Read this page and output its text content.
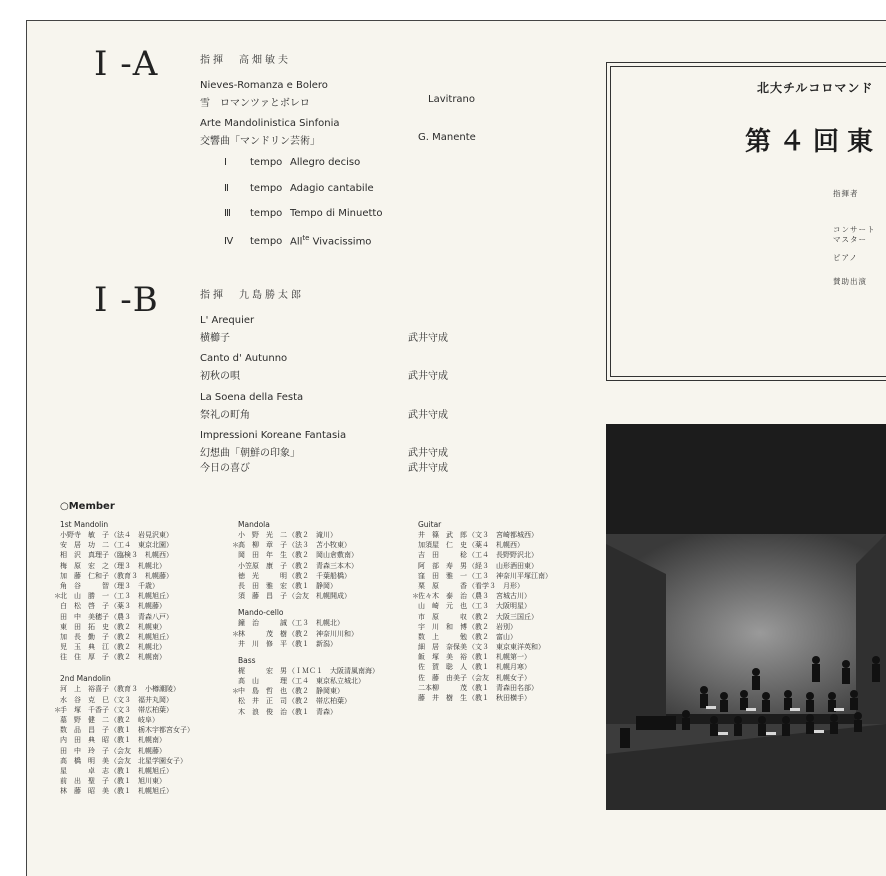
I -A	指揮　高畑敏夫
Nieves-Romanza e Bolero
雪　ロマンツァとボレロ	Lavitrano
Arte Mandolinistica Sinfonia
交響曲「マンドリン芸術」	G. Manente
Ⅰ tempo Allegro deciso
Ⅱ tempo Adagio cantabile
Ⅲ tempo Tempo di Minuetto
Ⅳ tempo All$^{te}$ Vivacissimo
I -B	指揮　九島勝太郎
L' Arequier
横櫛子	武井守成
Canto d' Autunno
初秋の唄	武井守成
La Soena della Festa
祭礼の町角	武井守成
Impressioni Koreane Fantasia
幻想曲「朝鮮の印象」	武井守成
今日の喜び	武井守成
○Member
1st Mandolin
小野寺　敏　子（法４　岩見沢東）
安　居　功　二（工４　東京北園）
相　沢　真理子（臨検３　札幌西）
梅　原　宏　之（理３　札幌北）
加　藤　仁和子（教育３　札幌藤）
角　谷　　　智（理３　千歳）
＊ 北　山　勝　一（工３　札幌旭丘）
白　松　啓　子（薬３　札幌藤）
田　中　美穂子（農３　青森八戸）
東　田　拓　史（教２　札幌東）
加　長　勤　子（教２　札幌旭丘）
児　玉　典　江（教２　札幌北）
往　住　厚　子（教２　札幌南）
2nd Mandolin
河　上　裕喜子（教育３　小樽潮陵）
水　谷　克　巳（文３　福井丸岡）
＊ 手　塚　千香子（文３　帯広柏葉）
墓　野　健　二（教２　岐阜）
数　品　昌　子（教１　栃木宇都宮女子）
内　田　典　昭（教１　札幌南）
田　中　玲　子（会友　札幌藤）
高　橋　明　美（会友　北星学園女子）
星　　　卓　志（教１　札幌旭丘）
前　出　聖　子（教１　旭川東）
林　藤　昭　美（教１　札幌旭丘）
Mandola
小　野　光　二（教２　滝川）
＊ 高　柳　章　子（法３　苫小牧東）
岡　田　年　生（教２　岡山倉敷南）
小笠原　康　子（教２　青森三本木）
徳　光　　　明（教２　千葉船橋）
長　田　雅　宏（教１　静岡）
須　藤　昌　子（会友　札幌開成）
Mando-cello
鐘　治　　　誠（工３　札幌北）
＊ 林　　　茂　樹（教２　神奈川川和）
井　川　修　平（教１　新潟）
Bass
梶　　　宏　男（ＩＭＣ１　大阪清風南海）
高　山　　　理（工４　東京私立城北）
＊ 中　島　哲　也（教２　静岡東）
松　井　正　司（教２　帯広柏葉）
木　浪　俊　治（教１　青森）
Guitar
井　篠　武　郎（文３　宮崎都城西）
加須屋　仁　史（薬４　札幌西）
吉　田　　　稔（工４　長野野沢北）
阿　部　寿　男（経３　山形酒田東）
窪　田　雅　一（工３　神奈川平塚江南）
栗　原　　　香（看学３　月形）
＊ 佐々木　泰　治（農３　宮城古川）
山　崎　元　也（工３　大阪明星）
市　原　　　収（教２　大阪三国丘）
宇　川　和　博（教２　岩別）
数　上　　　勉（教２　富山）
細　居　奈保美（文３　東京東洋英和）
飯　塚　美　裕（教１　札幌第一）
佐　賀　聡　人（教１　札幌月寒）
佐　藤　由美子（会友　札幌女子）
二本柳　　　茂（教１　青森田名部）
藤　井　樹　生（教１　秋田横手）
北大チルコロマンド
第４回東
指揮者
コンサート
マスター
ピアノ
賛助出演
